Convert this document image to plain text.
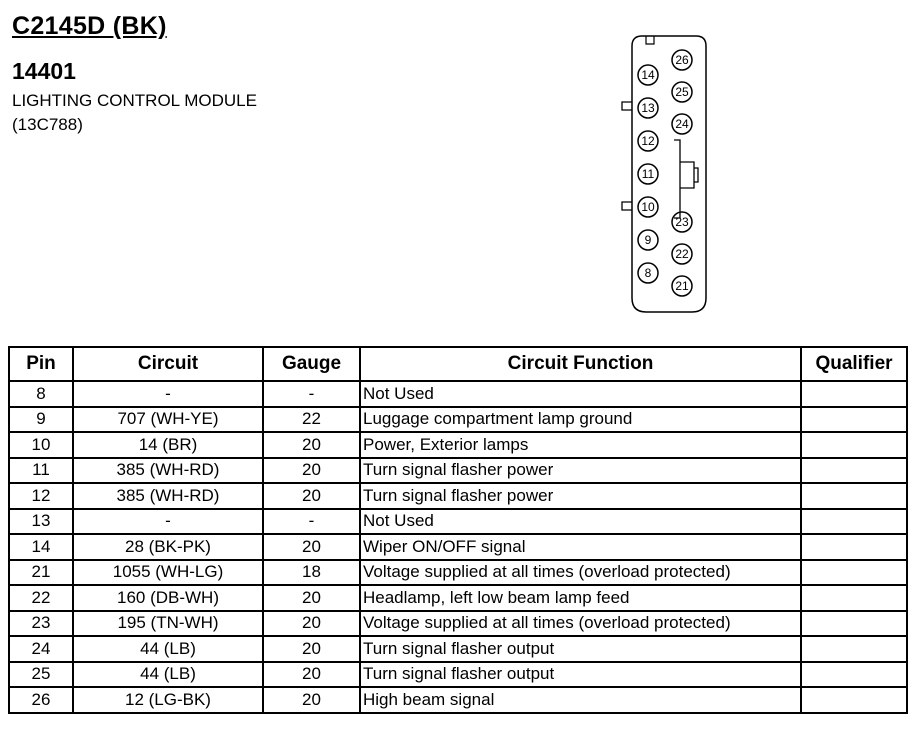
C2145D (BK)
14401
LIGHTING CONTROL MODULE
(13C788)
14
13
12
11
10
9
8
26
25
24
23
22
21
Pin	Circuit	Gauge	Circuit Function	Qualifier
8	-	-	Not Used	
9	707 (WH-YE)	22	Luggage compartment lamp ground	
10	14 (BR)	20	Power, Exterior lamps	
11	385 (WH-RD)	20	Turn signal flasher power	
12	385 (WH-RD)	20	Turn signal flasher power	
13	-	-	Not Used	
14	28 (BK-PK)	20	Wiper ON/OFF signal	
21	1055 (WH-LG)	18	Voltage supplied at all times (overload protected)	
22	160 (DB-WH)	20	Headlamp, left low beam lamp feed	
23	195 (TN-WH)	20	Voltage supplied at all times (overload protected)	
24	44 (LB)	20	Turn signal flasher output	
25	44 (LB)	20	Turn signal flasher output	
26	12 (LG-BK)	20	High beam signal	
